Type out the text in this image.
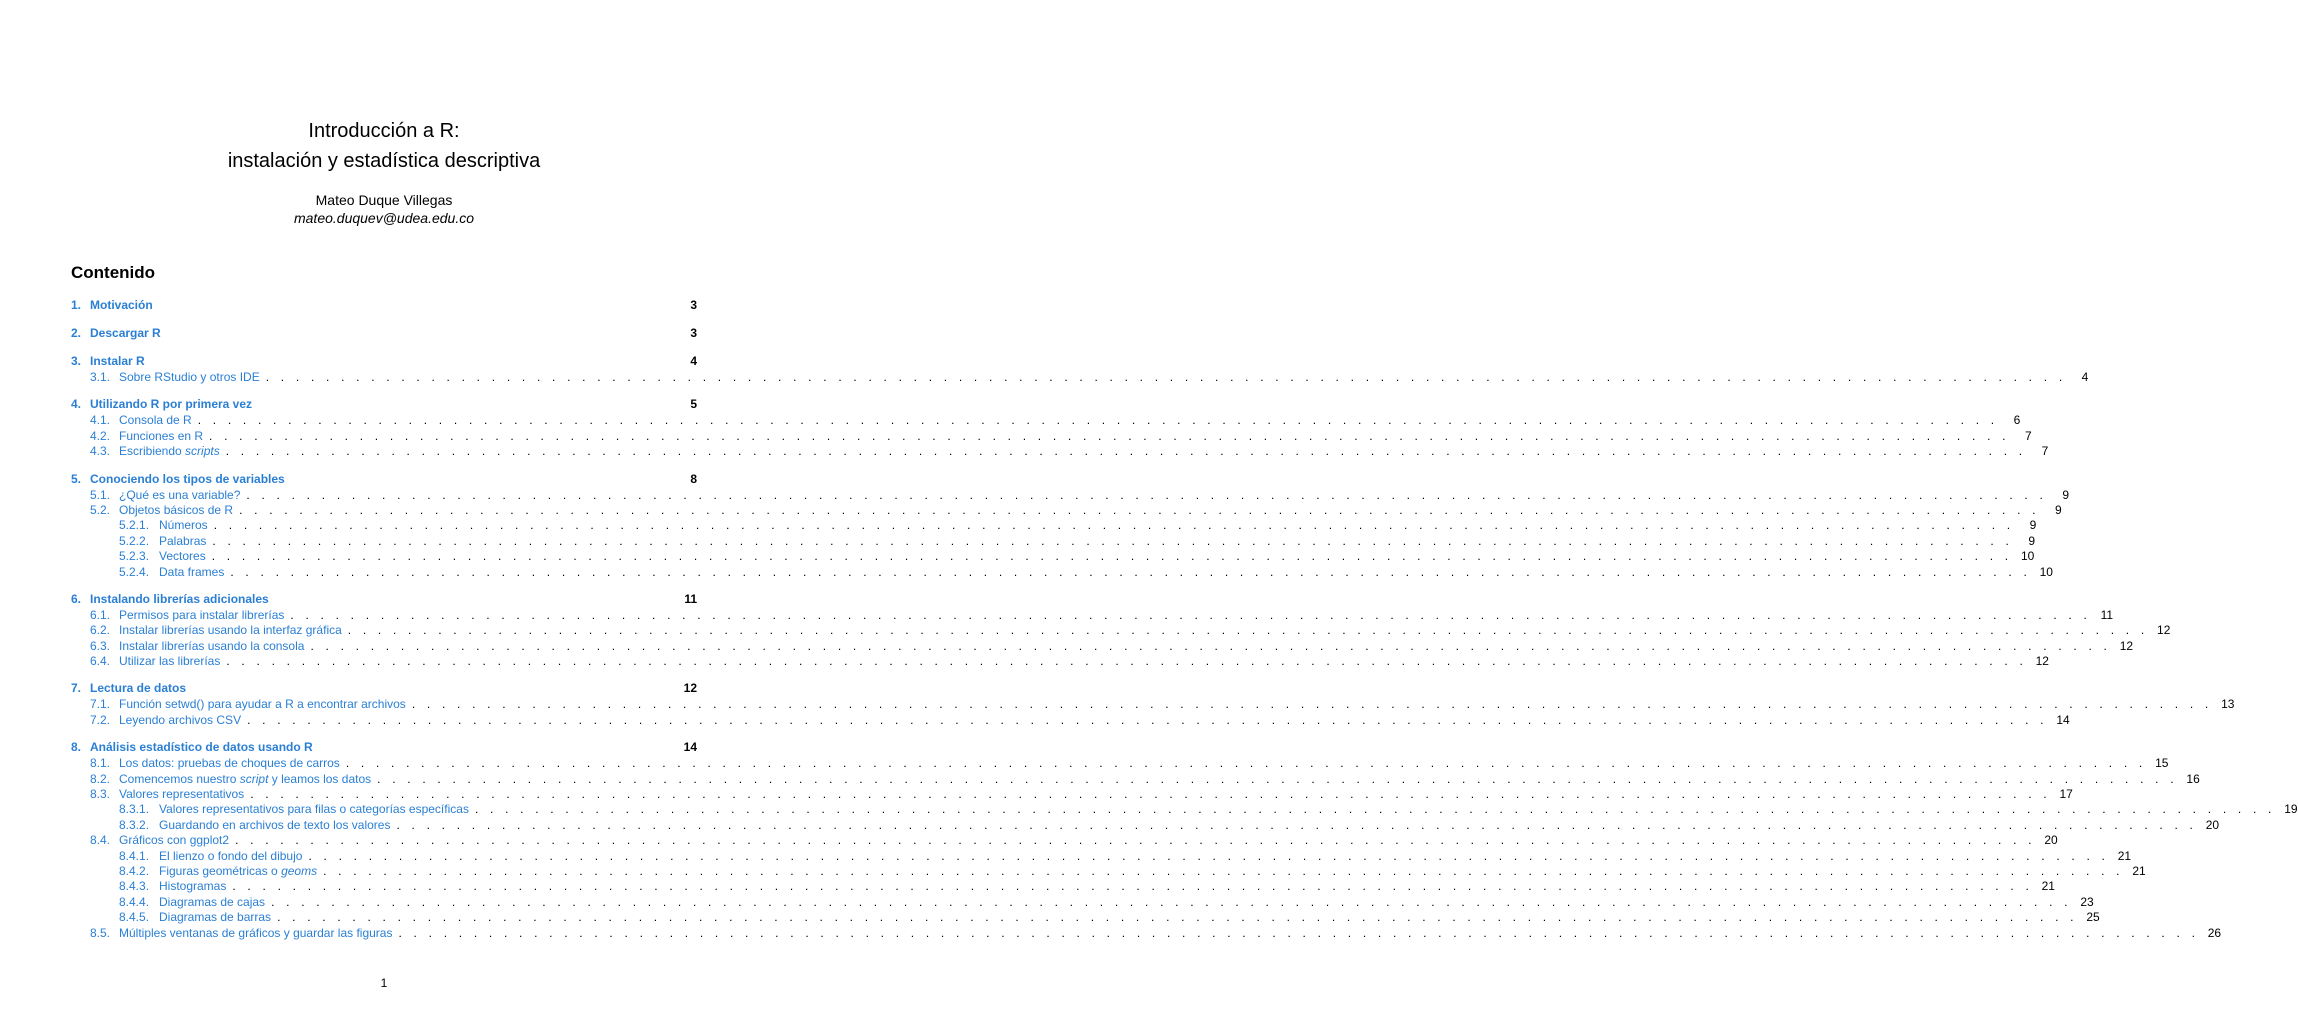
Introducción a R:
instalación y estadística descriptiva
Mateo Duque Villegas
mateo.duquev@udea.edu.co
Contenido
1. Motivación	3
2. Descargar R	3
3. Instalar R	4
3.1. Sobre RStudio y otros IDE . . . . . . . . . . . . . . . . . . . . . . . . . . . . . . . . . . . . . . . . . . . . . . . . . . . . . . . . . . . . . . . . . . . . . . . . . . . . . . . . . . . . . . . . . . . . . . . . . . . . . . . . . . . . . . . . . . . . . . . .	4
4. Utilizando R por primera vez	5
4.1. Consola de R . . . . . . . . . . . . . . . . . . . . . . . . . . . . . . . . . . . . . . . . . . . . . . . . . . . . . . . . . . . . . . . . . . . . . . . . . . . . . . . . . . . . . . . . . . . . . . . . . . . . . . . . . . . . . . . . . . . . . . . .	6
4.2. Funciones en R . . . . . . . . . . . . . . . . . . . . . . . . . . . . . . . . . . . . . . . . . . . . . . . . . . . . . . . . . . . . . . . . . . . . . . . . . . . . . . . . . . . . . . . . . . . . . . . . . . . . . . . . . . . . . . . . . . . . . . . .	7
4.3. Escribiendo scripts . . . . . . . . . . . . . . . . . . . . . . . . . . . . . . . . . . . . . . . . . . . . . . . . . . . . . . . . . . . . . . . . . . . . . . . . . . . . . . . . . . . . . . . . . . . . . . . . . . . . . . . . . . . . . . . . . . . . . . . .	7
5. Conociendo los tipos de variables	8
5.1. ¿Qué es una variable? . . . . . . . . . . . . . . . . . . . . . . . . . . . . . . . . . . . . . . . . . . . . . . . . . . . . . . . . . . . . . . . . . . . . . . . . . . . . . . . . . . . . . . . . . . . . . . . . . . . . . . . . . . . . . . . . . . . . . . . .	9
5.2. Objetos básicos de R . . . . . . . . . . . . . . . . . . . . . . . . . . . . . . . . . . . . . . . . . . . . . . . . . . . . . . . . . . . . . . . . . . . . . . . . . . . . . . . . . . . . . . . . . . . . . . . . . . . . . . . . . . . . . . . . . . . . . . . .	9
5.2.1. Números . . . . . . . . . . . . . . . . . . . . . . . . . . . . . . . . . . . . . . . . . . . . . . . . . . . . . . . . . . . . . . . . . . . . . . . . . . . . . . . . . . . . . . . . . . . . . . . . . . . . . . . . . . . . . . . . . . . . . . . .	9
5.2.2. Palabras . . . . . . . . . . . . . . . . . . . . . . . . . . . . . . . . . . . . . . . . . . . . . . . . . . . . . . . . . . . . . . . . . . . . . . . . . . . . . . . . . . . . . . . . . . . . . . . . . . . . . . . . . . . . . . . . . . . . . . . .	9
5.2.3. Vectores . . . . . . . . . . . . . . . . . . . . . . . . . . . . . . . . . . . . . . . . . . . . . . . . . . . . . . . . . . . . . . . . . . . . . . . . . . . . . . . . . . . . . . . . . . . . . . . . . . . . . . . . . . . . . . . . . . . . . . . . 10
5.2.4. Data frames . . . . . . . . . . . . . . . . . . . . . . . . . . . . . . . . . . . . . . . . . . . . . . . . . . . . . . . . . . . . . . . . . . . . . . . . . . . . . . . . . . . . . . . . . . . . . . . . . . . . . . . . . . . . . . . . . . . . . . . . 10
6. Instalando librerías adicionales	11
6.1. Permisos para instalar librerías . . . . . . . . . . . . . . . . . . . . . . . . . . . . . . . . . . . . . . . . . . . . . . . . . . . . . . . . . . . . . . . . . . . . . . . . . . . . . . . . . . . . . . . . . . . . . . . . . . . . . . . . . . . . . . . . . . . . . . . . 11
6.2. Instalar librerías usando la interfaz gráfica . . . . . . . . . . . . . . . . . . . . . . . . . . . . . . . . . . . . . . . . . . . . . . . . . . . . . . . . . . . . . . . . . . . . . . . . . . . . . . . . . . . . . . . . . . . . . . . . . . . . . . . . . . . . . . . . . . . . . . . . 12
6.3. Instalar librerías usando la consola . . . . . . . . . . . . . . . . . . . . . . . . . . . . . . . . . . . . . . . . . . . . . . . . . . . . . . . . . . . . . . . . . . . . . . . . . . . . . . . . . . . . . . . . . . . . . . . . . . . . . . . . . . . . . . . . . . . . . . . . 12
6.4. Utilizar las librerías . . . . . . . . . . . . . . . . . . . . . . . . . . . . . . . . . . . . . . . . . . . . . . . . . . . . . . . . . . . . . . . . . . . . . . . . . . . . . . . . . . . . . . . . . . . . . . . . . . . . . . . . . . . . . . . . . . . . . . . . 12
7. Lectura de datos	12
7.1. Función setwd() para ayudar a R a encontrar archivos . . . . . . . . . . . . . . . . . . . . . . . . . . . . . . . . . . . . . . . . . . . . . . . . . . . . . . . . . . . . . . . . . . . . . . . . . . . . . . . . . . . . . . . . . . . . . . . . . . . . . . . . . . . . . . . . . . . . . . . . 13
7.2. Leyendo archivos CSV . . . . . . . . . . . . . . . . . . . . . . . . . . . . . . . . . . . . . . . . . . . . . . . . . . . . . . . . . . . . . . . . . . . . . . . . . . . . . . . . . . . . . . . . . . . . . . . . . . . . . . . . . . . . . . . . . . . . . . . . 14
8. Análisis estadístico de datos usando R	14
8.1. Los datos: pruebas de choques de carros . . . . . . . . . . . . . . . . . . . . . . . . . . . . . . . . . . . . . . . . . . . . . . . . . . . . . . . . . . . . . . . . . . . . . . . . . . . . . . . . . . . . . . . . . . . . . . . . . . . . . . . . . . . . . . . . . . . . . . . . 15
8.2. Comencemos nuestro script y leamos los datos . . . . . . . . . . . . . . . . . . . . . . . . . . . . . . . . . . . . . . . . . . . . . . . . . . . . . . . . . . . . . . . . . . . . . . . . . . . . . . . . . . . . . . . . . . . . . . . . . . . . . . . . . . . . . . . . . . . . . . . . 16
8.3. Valores representativos . . . . . . . . . . . . . . . . . . . . . . . . . . . . . . . . . . . . . . . . . . . . . . . . . . . . . . . . . . . . . . . . . . . . . . . . . . . . . . . . . . . . . . . . . . . . . . . . . . . . . . . . . . . . . . . . . . . . . . . . 17
8.3.1. Valores representativos para filas o categorías específicas . . . . . . . . . . . . . . . . . . . . . . . . . . . . . . . . . . . . . . . . . . . . . . . . . . . . . . . . . . . . . . . . . . . . . . . . . . . . . . . . . . . . . . . . . . . . . . . . . . . . . . . . . . . . . . . . . . . . . . . . 19
8.3.2. Guardando en archivos de texto los valores . . . . . . . . . . . . . . . . . . . . . . . . . . . . . . . . . . . . . . . . . . . . . . . . . . . . . . . . . . . . . . . . . . . . . . . . . . . . . . . . . . . . . . . . . . . . . . . . . . . . . . . . . . . . . . . . . . . . . . . . 20
8.4. Gráficos con ggplot2 . . . . . . . . . . . . . . . . . . . . . . . . . . . . . . . . . . . . . . . . . . . . . . . . . . . . . . . . . . . . . . . . . . . . . . . . . . . . . . . . . . . . . . . . . . . . . . . . . . . . . . . . . . . . . . . . . . . . . . . . 20
8.4.1. El lienzo o fondo del dibujo . . . . . . . . . . . . . . . . . . . . . . . . . . . . . . . . . . . . . . . . . . . . . . . . . . . . . . . . . . . . . . . . . . . . . . . . . . . . . . . . . . . . . . . . . . . . . . . . . . . . . . . . . . . . . . . . . . . . . . . . 21
8.4.2. Figuras geométricas o geoms . . . . . . . . . . . . . . . . . . . . . . . . . . . . . . . . . . . . . . . . . . . . . . . . . . . . . . . . . . . . . . . . . . . . . . . . . . . . . . . . . . . . . . . . . . . . . . . . . . . . . . . . . . . . . . . . . . . . . . . . 21
8.4.3. Histogramas . . . . . . . . . . . . . . . . . . . . . . . . . . . . . . . . . . . . . . . . . . . . . . . . . . . . . . . . . . . . . . . . . . . . . . . . . . . . . . . . . . . . . . . . . . . . . . . . . . . . . . . . . . . . . . . . . . . . . . . . 21
8.4.4. Diagramas de cajas . . . . . . . . . . . . . . . . . . . . . . . . . . . . . . . . . . . . . . . . . . . . . . . . . . . . . . . . . . . . . . . . . . . . . . . . . . . . . . . . . . . . . . . . . . . . . . . . . . . . . . . . . . . . . . . . . . . . . . . . 23
8.4.5. Diagramas de barras . . . . . . . . . . . . . . . . . . . . . . . . . . . . . . . . . . . . . . . . . . . . . . . . . . . . . . . . . . . . . . . . . . . . . . . . . . . . . . . . . . . . . . . . . . . . . . . . . . . . . . . . . . . . . . . . . . . . . . . . 25
8.5. Múltiples ventanas de gráficos y guardar las figuras . . . . . . . . . . . . . . . . . . . . . . . . . . . . . . . . . . . . . . . . . . . . . . . . . . . . . . . . . . . . . . . . . . . . . . . . . . . . . . . . . . . . . . . . . . . . . . . . . . . . . . . . . . . . . . . . . . . . . . . . 26
1
